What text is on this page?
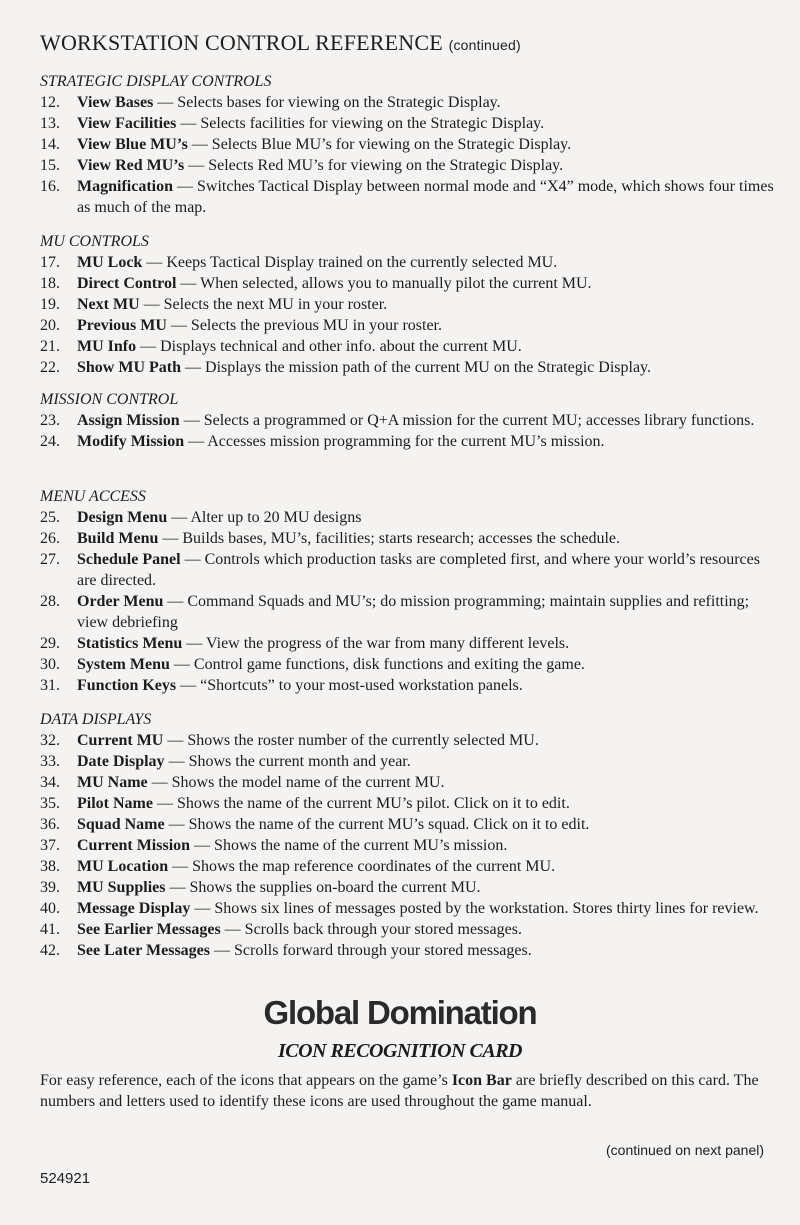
WORKSTATION CONTROL REFERENCE (continued)
STRATEGIC DISPLAY CONTROLS
12.	View Bases — Selects bases for viewing on the Strategic Display.
13.	View Facilities — Selects facilities for viewing on the Strategic Display.
14.	View Blue MU’s — Selects Blue MU’s for viewing on the Strategic Display.
15.	View Red MU’s — Selects Red MU’s for viewing on the Strategic Display.
16.	Magnification — Switches Tactical Display between normal mode and “X4” mode, which shows four times as much of the map.
MU CONTROLS
17.	MU Lock — Keeps Tactical Display trained on the currently selected MU.
18.	Direct Control — When selected, allows you to manually pilot the current MU.
19.	Next MU — Selects the next MU in your roster.
20.	Previous MU — Selects the previous MU in your roster.
21.	MU Info — Displays technical and other info. about the current MU.
22.	Show MU Path — Displays the mission path of the current MU on the Strategic Display.
MISSION CONTROL
23.	Assign Mission — Selects a programmed or Q+A mission for the current MU; accesses library functions.
24.	Modify Mission — Accesses mission programming for the current MU’s mission.
MENU ACCESS
25.	Design Menu — Alter up to 20 MU designs
26.	Build Menu — Builds bases, MU’s, facilities; starts research; accesses the schedule.
27.	Schedule Panel — Controls which production tasks are completed first, and where your world’s resources are directed.
28.	Order Menu — Command Squads and MU’s; do mission programming; maintain supplies and refitting; view debriefing
29.	Statistics Menu — View the progress of the war from many different levels.
30.	System Menu — Control game functions, disk functions and exiting the game.
31.	Function Keys — “Shortcuts” to your most-used workstation panels.
DATA DISPLAYS
32.	Current MU — Shows the roster number of the currently selected MU.
33.	Date Display — Shows the current month and year.
34.	MU Name — Shows the model name of the current MU.
35.	Pilot Name — Shows the name of the current MU’s pilot. Click on it to edit.
36.	Squad Name — Shows the name of the current MU’s squad. Click on it to edit.
37.	Current Mission — Shows the name of the current MU’s mission.
38.	MU Location — Shows the map reference coordinates of the current MU.
39.	MU Supplies — Shows the supplies on-board the current MU.
40.	Message Display — Shows six lines of messages posted by the workstation. Stores thirty lines for review.
41.	See Earlier Messages — Scrolls back through your stored messages.
42.	See Later Messages — Scrolls forward through your stored messages.
Global Domination
ICON RECOGNITION CARD
For easy reference, each of the icons that appears on the game’s Icon Bar are briefly described on this card. The numbers and letters used to identify these icons are used throughout the game manual.
(continued on next panel)
524921
